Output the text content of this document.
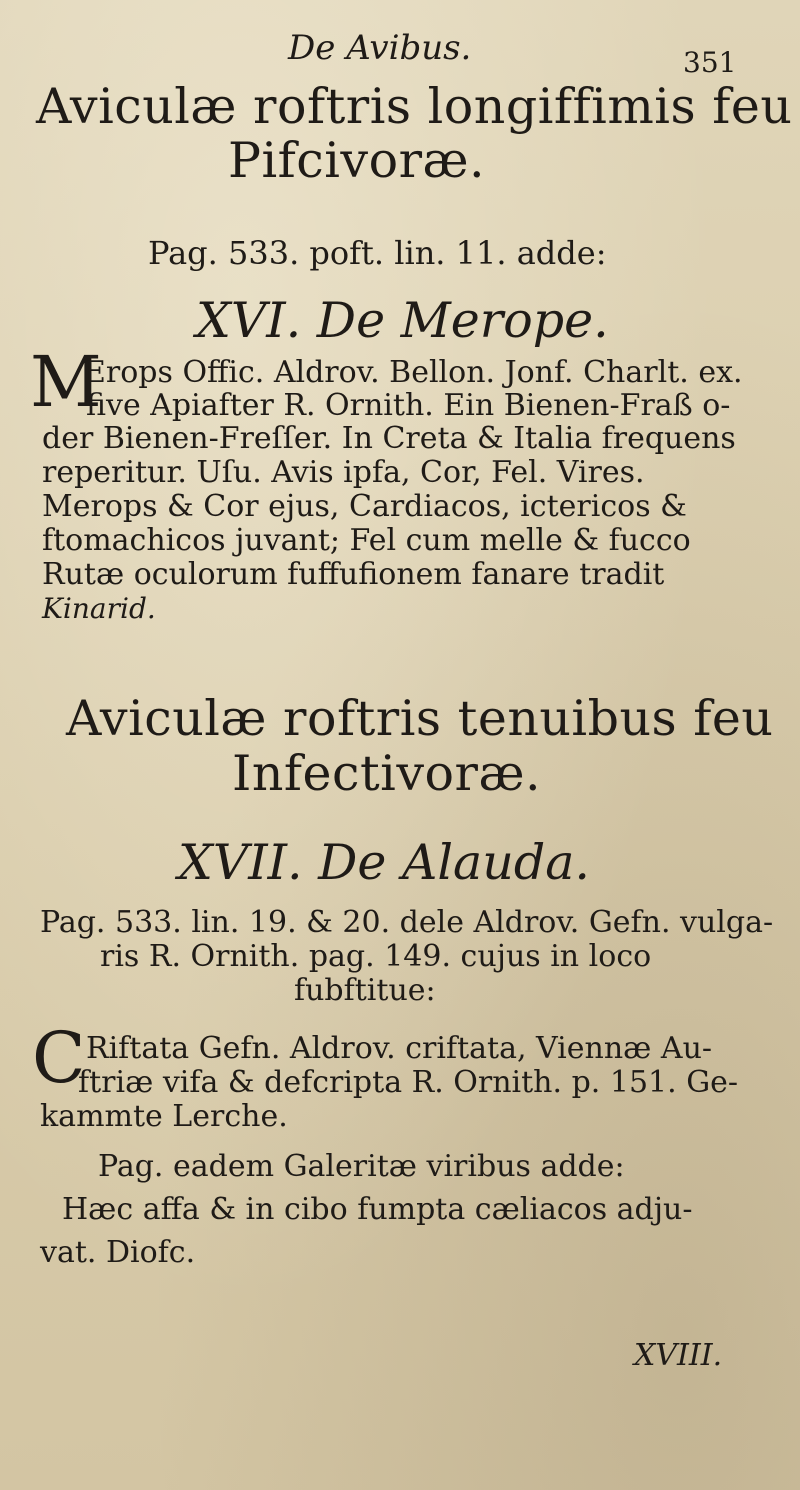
De Avibus.	351
Aviculæ roftris longiffimis feu
Pifcivoræ.
Pag. 533. poft. lin. 11. adde:
XVI. De Merope.
M
Erops Offic. Aldrov. Bellon. Jonf. Charlt. ex.
five Apiafter R. Ornith. Ein Bienen-Fraß o-
der Bienen-Freſſer. In Creta & Italia frequens
reperitur. Uſu. Avis ipfa, Cor, Fel. Vires.
Merops & Cor ejus, Cardiacos, ictericos &
ftomachicos juvant; Fel cum melle & fucco
Rutæ oculorum fuffufionem fanare tradit
Kinarid.
Aviculæ roftris tenuibus feu
Infectivoræ.
XVII. De Alauda.
Pag. 533. lin. 19. & 20. dele Aldrov. Gefn. vulga-
ris R. Ornith. pag. 149. cujus in loco
fubftitue:
C Riftata Gefn. Aldrov. criftata, Viennæ Au-
ftriæ vifa & defcripta R. Ornith. p. 151. Ge-
kammte Lerche.
Pag. eadem Galeritæ viribus adde:
Hæc affa & in cibo fumpta cæliacos adju-
vat. Diofc.
XVIII.
